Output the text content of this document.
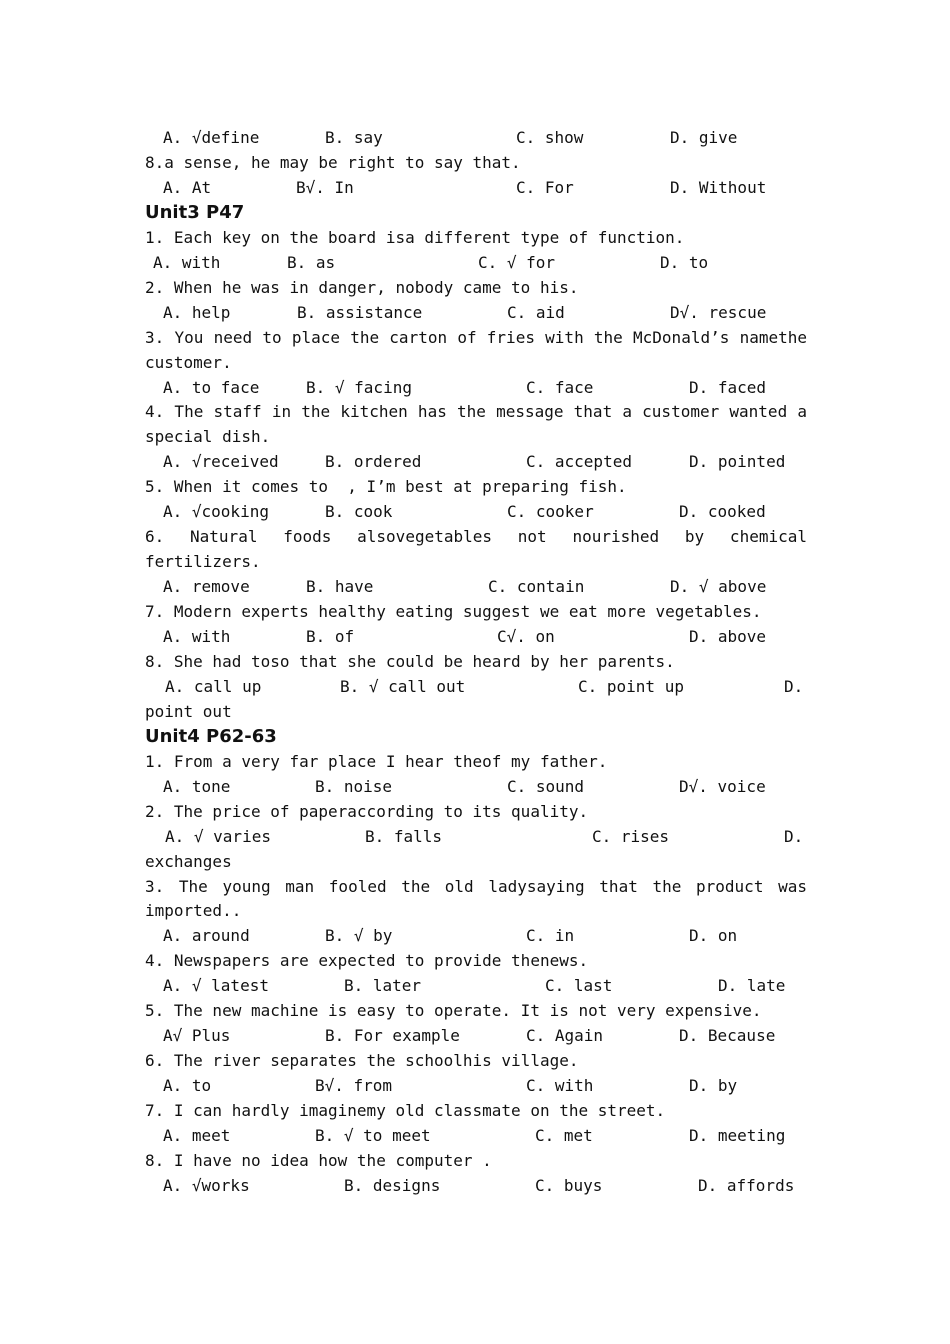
A. √define	B. say	C. show	D. give
8.a sense, he may be right to say that.
A. At	B√. In	C. For	D. Without
Unit3 P47
1. Each key on the board isa different type of function.
A. with	B. as	C. √ for	D. to
2. When he was in danger, nobody came to his.
A. help	B. assistance	C. aid	D√. rescue
3. You need to place the carton of fries with the McDonald’s namethe
customer.
A. to face	B. √ facing	C. face	D. faced
4. The staff in the kitchen has the message that a customer wanted a
special dish.
A. √received	B. ordered	C. accepted	D. pointed
5. When it comes to  , I’m best at preparing fish.
A. √cooking	B. cook	C. cooker	D. cooked
6. Natural foods alsovegetables not nourished by chemical
fertilizers.
A. remove	B. have	C. contain	D. √ above
7. Modern experts healthy eating suggest we eat more vegetables.
A. with	B. of	C√. on	D. above
8. She had toso that she could be heard by her parents.
A. call up	B. √ call out	C. point up	D.
point out
Unit4 P62-63
1. From a very far place I hear theof my father.
A. tone	B. noise	C. sound	D√. voice
2. The price of paperaccording to its quality.
A. √ varies	B. falls	C. rises	D.
exchanges
3. The young man fooled the old ladysaying that the product was
imported..
A. around	B. √ by	C. in	D. on
4. Newspapers are expected to provide thenews.
A. √ latest	B. later	C. last	D. late
5. The new machine is easy to operate. It is not very expensive.
A√ Plus	B. For example	C. Again	D. Because
6. The river separates the schoolhis village.
A. to	B√. from	C. with	D. by
7. I can hardly imaginemy old classmate on the street.
A. meet	B. √ to meet	C. met	D. meeting
8. I have no idea how the computer .
A. √works	B. designs	C. buys	D. affords
